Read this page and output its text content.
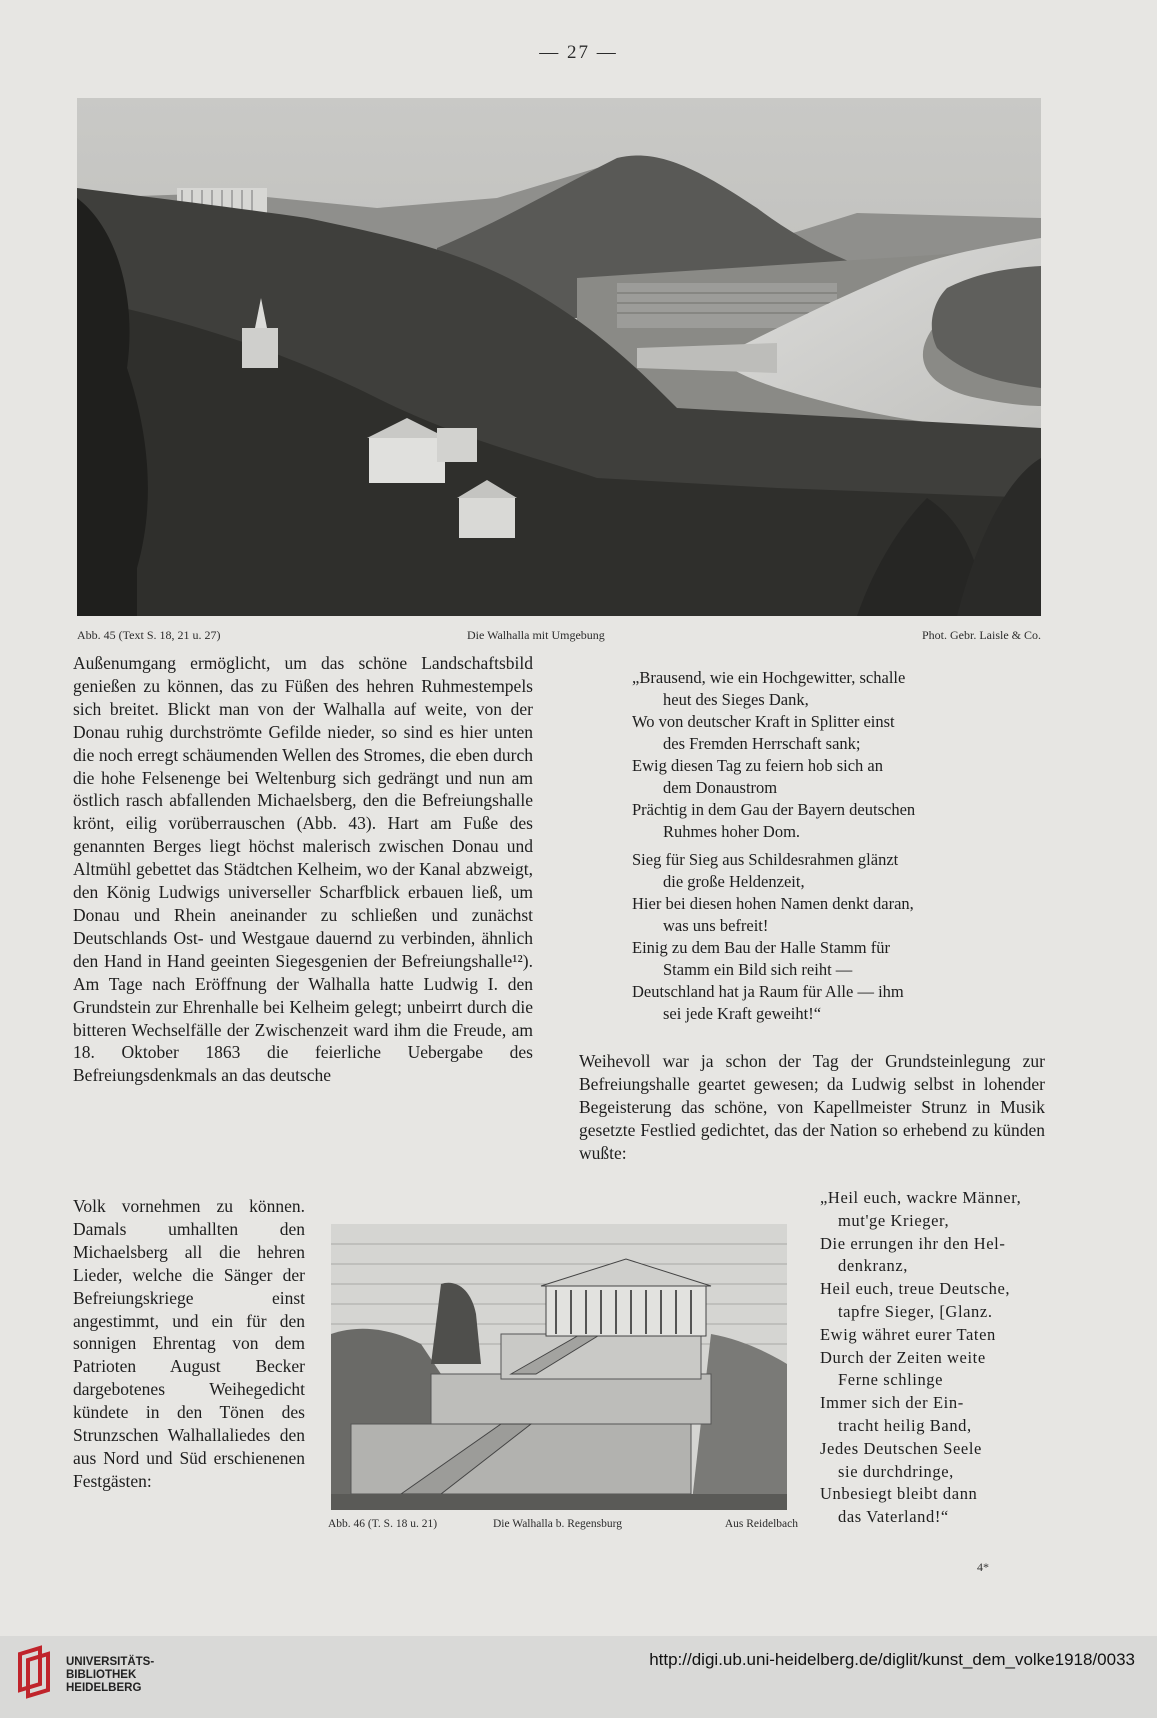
— 27 —
Abb. 45 (Text S. 18, 21 u. 27)	Die Walhalla mit Umgebung	Phot. Gebr. Laisle & Co.

Außenumgang ermöglicht, um das schöne Landschaftsbild genießen zu können, das zu Füßen des hehren Ruhmestempels sich breitet. Blickt man von der Walhalla auf weite, von der Donau ruhig durchströmte Gefilde nieder, so sind es hier unten die noch erregt schäumenden Wellen des Stromes, die eben durch die hohe Felsenenge bei Weltenburg sich gedrängt und nun am östlich rasch abfallenden Michaelsberg, den die Befreiungshalle krönt, eilig vorüberrauschen (Abb. 43). Hart am Fuße des genannten Berges liegt höchst malerisch zwischen Donau und Altmühl gebettet das Städtchen Kelheim, wo der Kanal abzweigt, den König Ludwigs universeller Scharfblick erbauen ließ, um Donau und Rhein aneinander zu schließen und zunächst Deutschlands Ost- und Westgaue dauernd zu verbinden, ähnlich den Hand in Hand geeinten Siegesgenien der Befreiungshalle¹²). Am Tage nach Eröffnung der Walhalla hatte Ludwig I. den Grundstein zur Ehrenhalle bei Kelheim gelegt; unbeirrt durch die bitteren Wechselfälle der Zwischenzeit ward ihm die Freude, am 18. Oktober 1863 die feierliche Uebergabe des Befreiungsdenkmals an das deutsche

Volk vornehmen zu können. Damals umhallten den Michaelsberg all die hehren Lieder, welche die Sänger der Befreiungskriege einst angestimmt, und ein für den sonnigen Ehrentag von dem Patrioten August Becker dargebotenes Weihegedicht kündete in den Tönen des Strunzschen Walhallaliedes den aus Nord und Süd erschienenen Festgästen:

„Brausend, wie ein Hochgewitter, schalle
heut des Sieges Dank,
Wo von deutscher Kraft in Splitter einst
des Fremden Herrschaft sank;
Ewig diesen Tag zu feiern hob sich an
dem Donaustrom
Prächtig in dem Gau der Bayern deutschen
Ruhmes hoher Dom.
Sieg für Sieg aus Schildesrahmen glänzt
die große Heldenzeit,
Hier bei diesen hohen Namen denkt daran,
was uns befreit!
Einig zu dem Bau der Halle Stamm für
Stamm ein Bild sich reiht —
Deutschland hat ja Raum für Alle — ihm
sei jede Kraft geweiht!“

Weihevoll war ja schon der Tag der Grundsteinlegung zur Befreiungshalle geartet gewesen; da Ludwig selbst in lohender Begeisterung das schöne, von Kapellmeister Strunz in Musik gesetzte Festlied gedichtet, das der Nation so erhebend zu künden wußte:

„Heil euch, wackre Männer,
mut'ge Krieger,
Die errungen ihr den Hel-
denkranz,
Heil euch, treue Deutsche,
tapfre Sieger, [Glanz.
Ewig währet eurer Taten
Durch der Zeiten weite
Ferne schlinge
Immer sich der Ein-
tracht heilig Band,
Jedes Deutschen Seele
sie durchdringe,
Unbesiegt bleibt dann
das Vaterland!“
Abb. 46 (T. S. 18 u. 21)	Die Walhalla b. Regensburg	Aus Reidelbach
4*
UNIVERSITÄTS-
BIBLIOTHEK
HEIDELBERG
http://digi.ub.uni-heidelberg.de/diglit/kunst_dem_volke1918/0033
